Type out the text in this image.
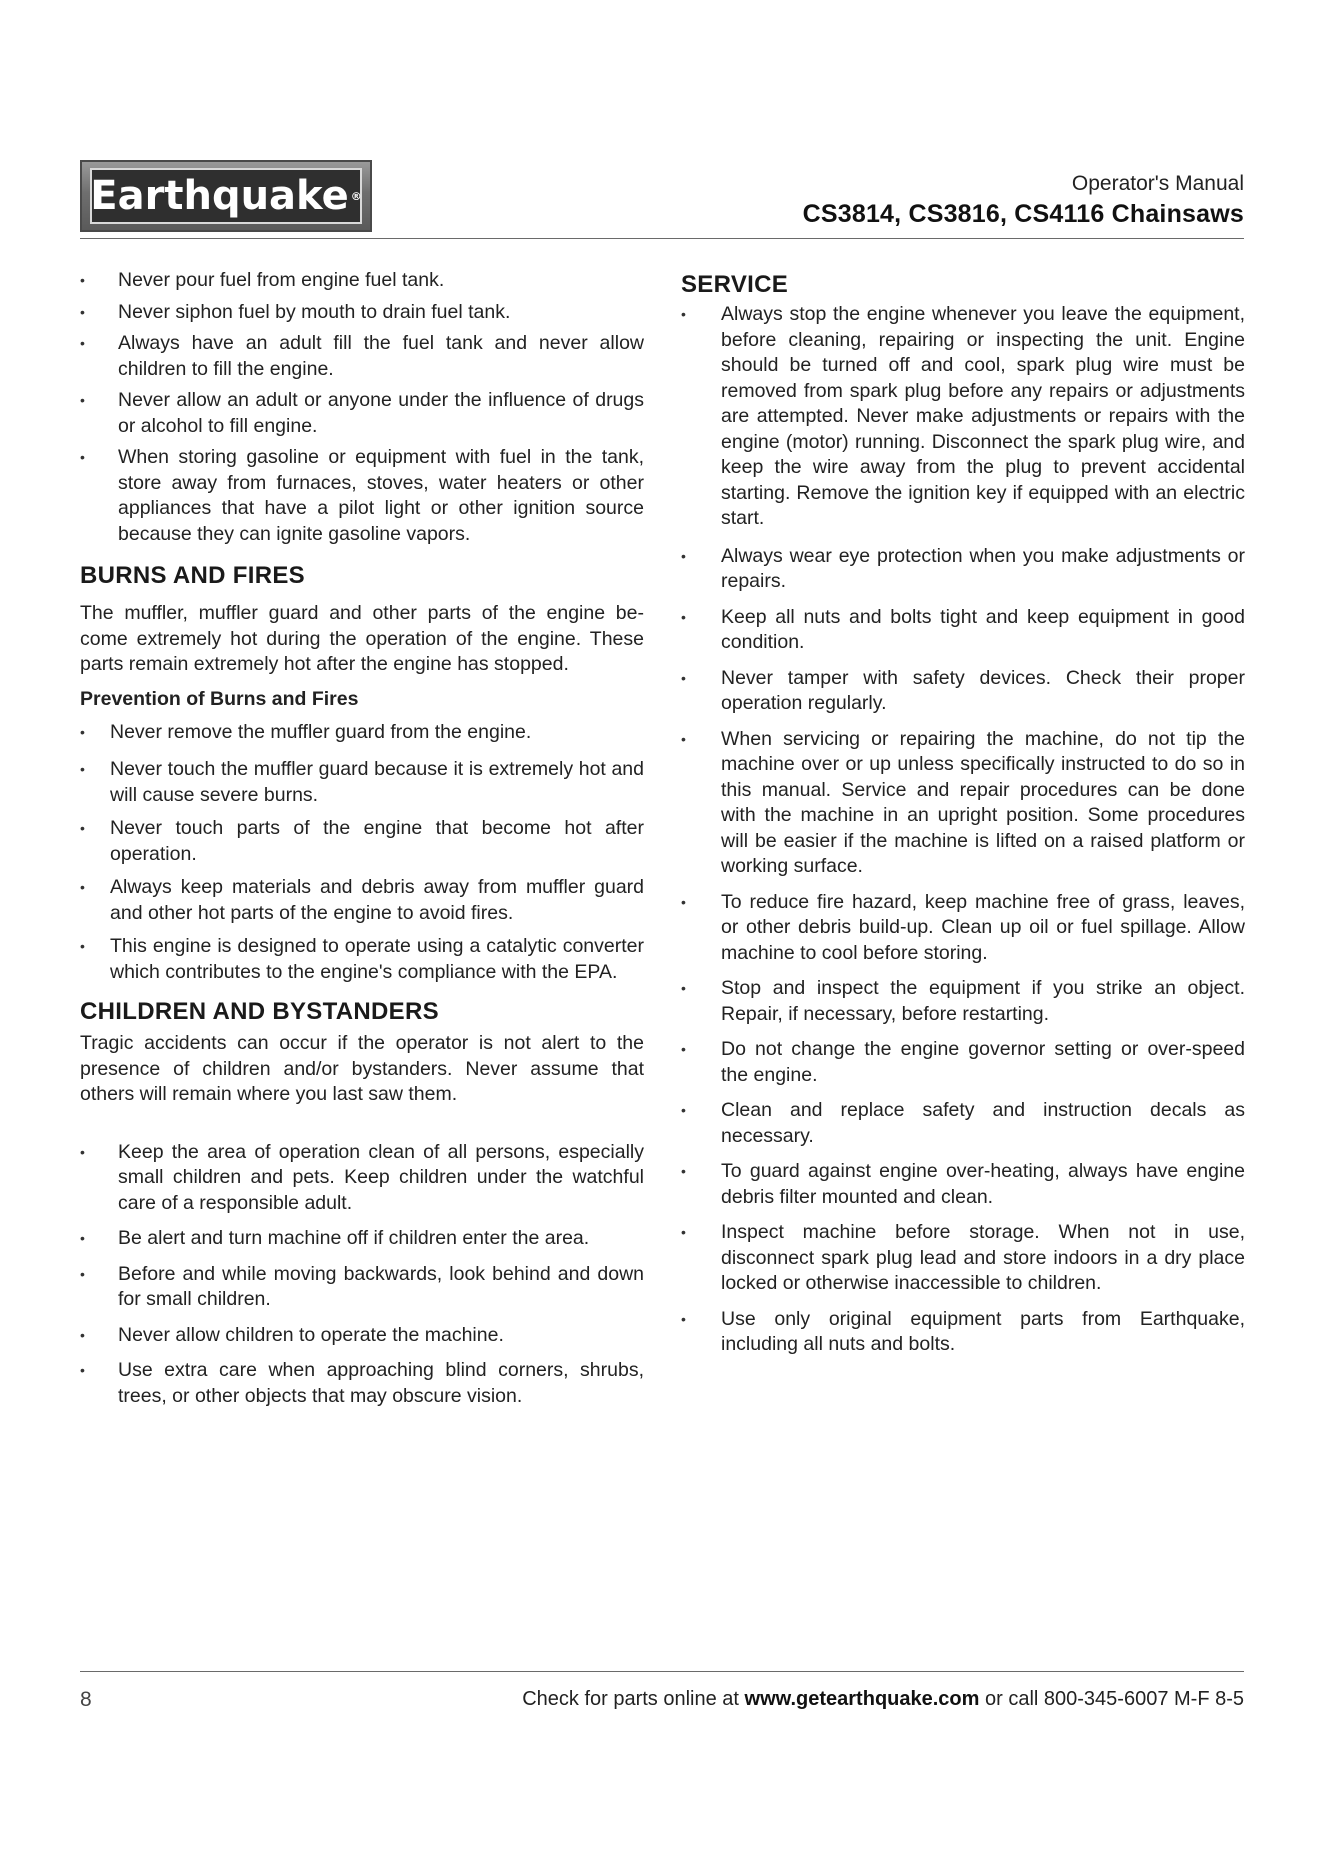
Earthquake ®
Operator's Manual
CS3814, CS3816, CS4116 Chainsaws
• Never pour fuel from engine fuel tank.
• Never siphon fuel by mouth to drain fuel tank.
• Always have an adult fill the fuel tank and never allow children to fill the engine.
• Never allow an adult or anyone under the influence of drugs or alcohol to fill engine.
• When storing gasoline or equipment with fuel in the tank, store away from furnaces, stoves, water heaters or other appliances that have a pilot light or other ignition source because they can ignite gasoline vapors.
BURNS AND FIRES

The muffler, muffler guard and other parts of the engine be- come extremely hot during the operation of the engine. These parts remain extremely hot after the engine has stopped.

Prevention of Burns and Fires
• Never remove the muffler guard from the engine.
• Never touch the muffler guard because it is extremely hot and will cause severe burns.
• Never touch parts of the engine that become hot after operation.
• Always keep materials and debris away from muffler guard and other hot parts of the engine to avoid fires.
• This engine is designed to operate using a catalytic converter which contributes to the engine's compliance with the EPA.
CHILDREN AND BYSTANDERS

Tragic accidents can occur if the operator is not alert to the presence of children and/or bystanders. Never assume that others will remain where you last saw them.

• Keep the area of operation clean of all persons, especially small children and pets. Keep children under the watchful care of a responsible adult.
• Be alert and turn machine off if children enter the area.
• Before and while moving backwards, look behind and down for small children.
• Never allow children to operate the machine.
• Use extra care when approaching blind corners, shrubs, trees, or other objects that may obscure vision.
SERVICE
• Always stop the engine whenever you leave the equipment, before cleaning, repairing or inspecting the unit. Engine should be turned off and cool, spark plug wire must be removed from spark plug before any repairs or adjustments are attempted. Never make adjustments or repairs with the engine (motor) running. Disconnect the spark plug wire, and keep the wire away from the plug to prevent accidental starting. Remove the ignition key if equipped with an electric start.
• Always wear eye protection when you make adjustments or repairs.
• Keep all nuts and bolts tight and keep equipment in good condition.
• Never tamper with safety devices. Check their proper operation regularly.
• When servicing or repairing the machine, do not tip the machine over or up unless specifically instructed to do so in this manual. Service and repair procedures can be done with the machine in an upright position. Some procedures will be easier if the machine is lifted on a raised platform or working surface.
• To reduce fire hazard, keep machine free of grass, leaves, or other debris build-up. Clean up oil or fuel spillage. Allow machine to cool before storing.
• Stop and inspect the equipment if you strike an object. Repair, if necessary, before restarting.
• Do not change the engine governor setting or over-speed the engine.
• Clean and replace safety and instruction decals as necessary.
• To guard against engine over-heating, always have engine debris filter mounted and clean.
• Inspect machine before storage. When not in use, disconnect spark plug lead and store indoors in a dry place locked or otherwise inaccessible to children.
• Use only original equipment parts from Earthquake, including all nuts and bolts.
8	Check for parts online at www.getearthquake.com or call 800-345-6007 M-F 8-5
